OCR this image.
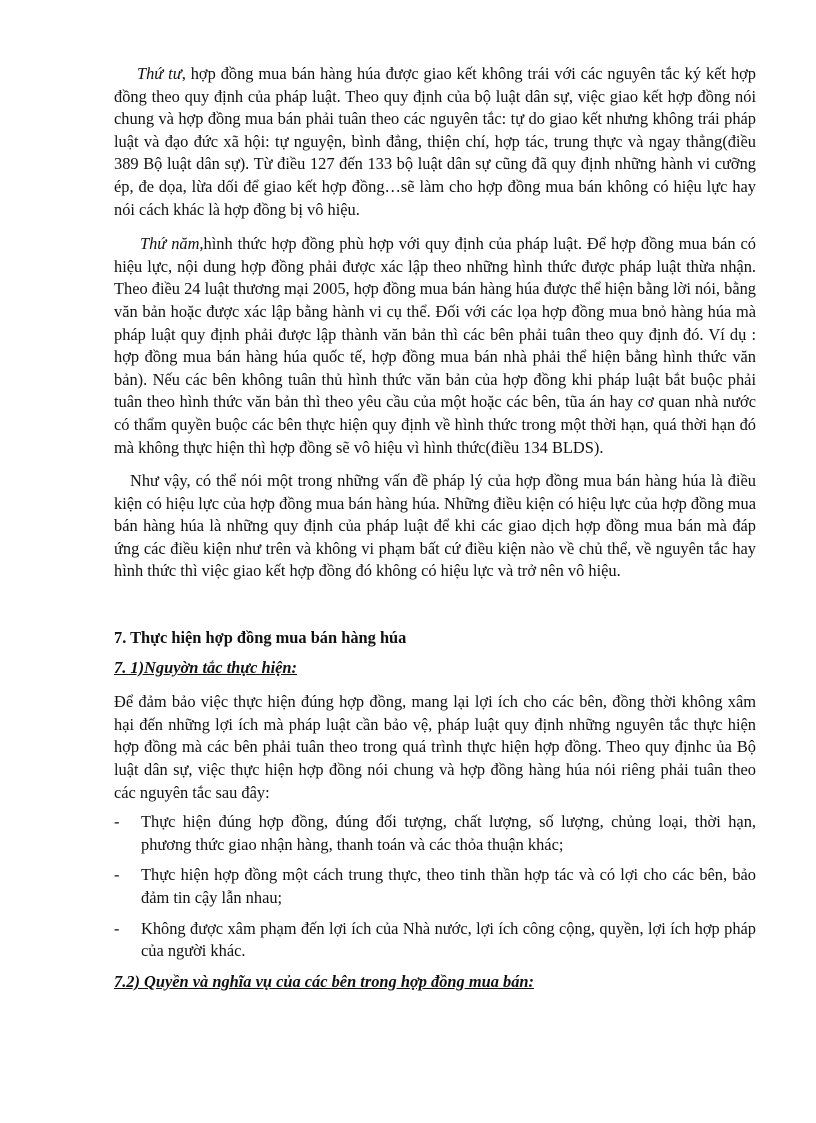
Thứ tư, hợp đồng mua bán hàng húa được giao kết không trái với các nguyên tắc ký kết hợp đồng theo quy định của pháp luật. Theo quy định của bộ luật dân sự, việc giao kết hợp đồng nói chung và hợp đồng mua bán phải tuân theo các nguyên tắc: tự do giao kết nhưng không trái pháp luật và đạo đức xã hội: tự nguyện, bình đẳng, thiện chí, hợp tác, trung thực và ngay thẳng(điều 389 Bộ luật dân sự). Từ điều 127 đến 133 bộ luật dân sự cũng đã quy định những hành vi cưỡng ép, đe dọa, lừa dối để giao kết hợp đồng…sẽ làm cho hợp đồng mua bán không có hiệu lực hay nói cách khác là hợp đồng bị vô hiệu.

Thứ năm,hình thức hợp đồng phù hợp với quy định của pháp luật. Để hợp đồng mua bán có hiệu lực, nội dung hợp đồng phải được xác lập theo những hình thức được pháp luật thừa nhận. Theo điều 24 luật thương mại 2005, hợp đồng mua bán hàng húa được thể hiện bằng lời nói, bằng văn bản hoặc được xác lập bằng hành vi cụ thể. Đối với các lọa hợp đồng mua bnỏ hàng húa mà pháp luật quy định phải được lập thành văn bản thì các bên phải tuân theo quy định đó. Ví dụ : hợp đồng mua bán hàng húa quốc tế, hợp đồng mua bán nhà phải thể hiện bằng hình thức văn bản). Nếu các bên không tuân thủ hình thức văn bản của hợp đồng khi pháp luật bắt buộc phải tuân theo hình thức văn bản thì theo yêu cầu của một hoặc các bên, tũa án hay cơ quan nhà nước có thẩm quyền buộc các bên thực hiện quy định về hình thức trong một thời hạn, quá thời hạn đó mà không thực hiện thì hợp đồng sẽ vô hiệu vì hình thức(điều 134 BLDS).

Như vậy, có thể nói một trong những vấn đề pháp lý của hợp đồng mua bán hàng húa là điều kiện có hiệu lực của hợp đồng mua bán hàng húa. Những điều kiện có hiệu lực của hợp đồng mua bán hàng húa là những quy định của pháp luật để khi các giao dịch hợp đồng mua bán mà đáp ứng các điều kiện như trên và không vi phạm bất cứ điều kiện nào về chủ thể, về nguyên tắc hay hình thức thì việc giao kết hợp đồng đó không có hiệu lực và trở nên vô hiệu.

7. Thực hiện hợp đồng mua bán hàng húa

7. 1)Nguyờn tắc thực hiện:

Để đảm bảo việc thực hiện đúng hợp đồng, mang lại lợi ích cho các bên, đồng thời không xâm hại đến những lợi ích mà pháp luật cần bảo vệ, pháp luật quy định những nguyên tắc thực hiện hợp đồng mà các bên phải tuân theo trong quá trình thực hiện hợp đồng. Theo quy địnhc ủa Bộ luật dân sự, việc thực hiện hợp đồng nói chung và hợp đồng hàng húa nói riêng phải tuân theo các nguyên tắc sau đây:

- Thực hiện đúng hợp đồng, đúng đối tượng, chất lượng, số lượng, chủng loại, thời hạn, phương thức giao nhận hàng, thanh toán và các thỏa thuận khác;
- Thực hiện hợp đồng một cách trung thực, theo tinh thần hợp tác và có lợi cho các bên, bảo đảm tin cậy lẫn nhau;
- Không được xâm phạm đến lợi ích của Nhà nước, lợi ích công cộng, quyền, lợi ích hợp pháp của người khác.

7.2) Quyền và nghĩa vụ của các bên trong hợp đồng mua bán:
